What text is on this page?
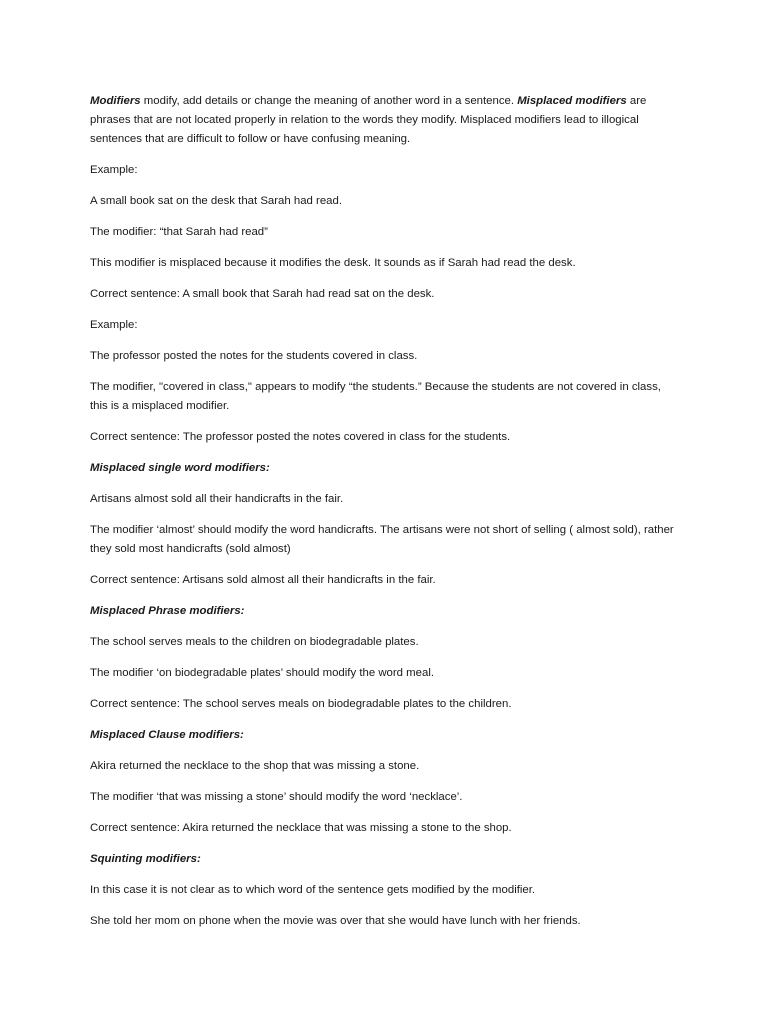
Modifiers modify, add details or change the meaning of another word in a sentence. Misplaced modifiers are phrases that are not located properly in relation to the words they modify. Misplaced modifiers lead to illogical sentences that are difficult to follow or have confusing meaning.

Example:

A small book sat on the desk that Sarah had read.

The modifier: “that Sarah had read”

This modifier is misplaced because it modifies the desk. It sounds as if Sarah had read the desk.

Correct sentence: A small book that Sarah had read sat on the desk.

Example:

The professor posted the notes for the students covered in class.

The modifier, "covered in class," appears to modify “the students.” Because the students are not covered in class, this is a misplaced modifier.

Correct sentence: The professor posted the notes covered in class for the students.

Misplaced single word modifiers:

Artisans almost sold all their handicrafts in the fair.

The modifier ‘almost’ should modify the word handicrafts. The artisans were not short of selling ( almost sold), rather they sold most handicrafts (sold almost)

Correct sentence: Artisans sold almost all their handicrafts in the fair.

Misplaced Phrase modifiers:

The school serves meals to the children on biodegradable plates.

The modifier ‘on biodegradable plates’ should modify the word meal.

Correct sentence: The school serves meals on biodegradable plates to the children.

Misplaced Clause modifiers:

Akira returned the necklace to the shop that was missing a stone.

The modifier ‘that was missing a stone’ should modify the word ‘necklace’.

Correct sentence: Akira returned the necklace that was missing a stone to the shop.

Squinting modifiers:

In this case it is not clear as to which word of the sentence gets modified by the modifier.

She told her mom on phone when the movie was over that she would have lunch with her friends.
